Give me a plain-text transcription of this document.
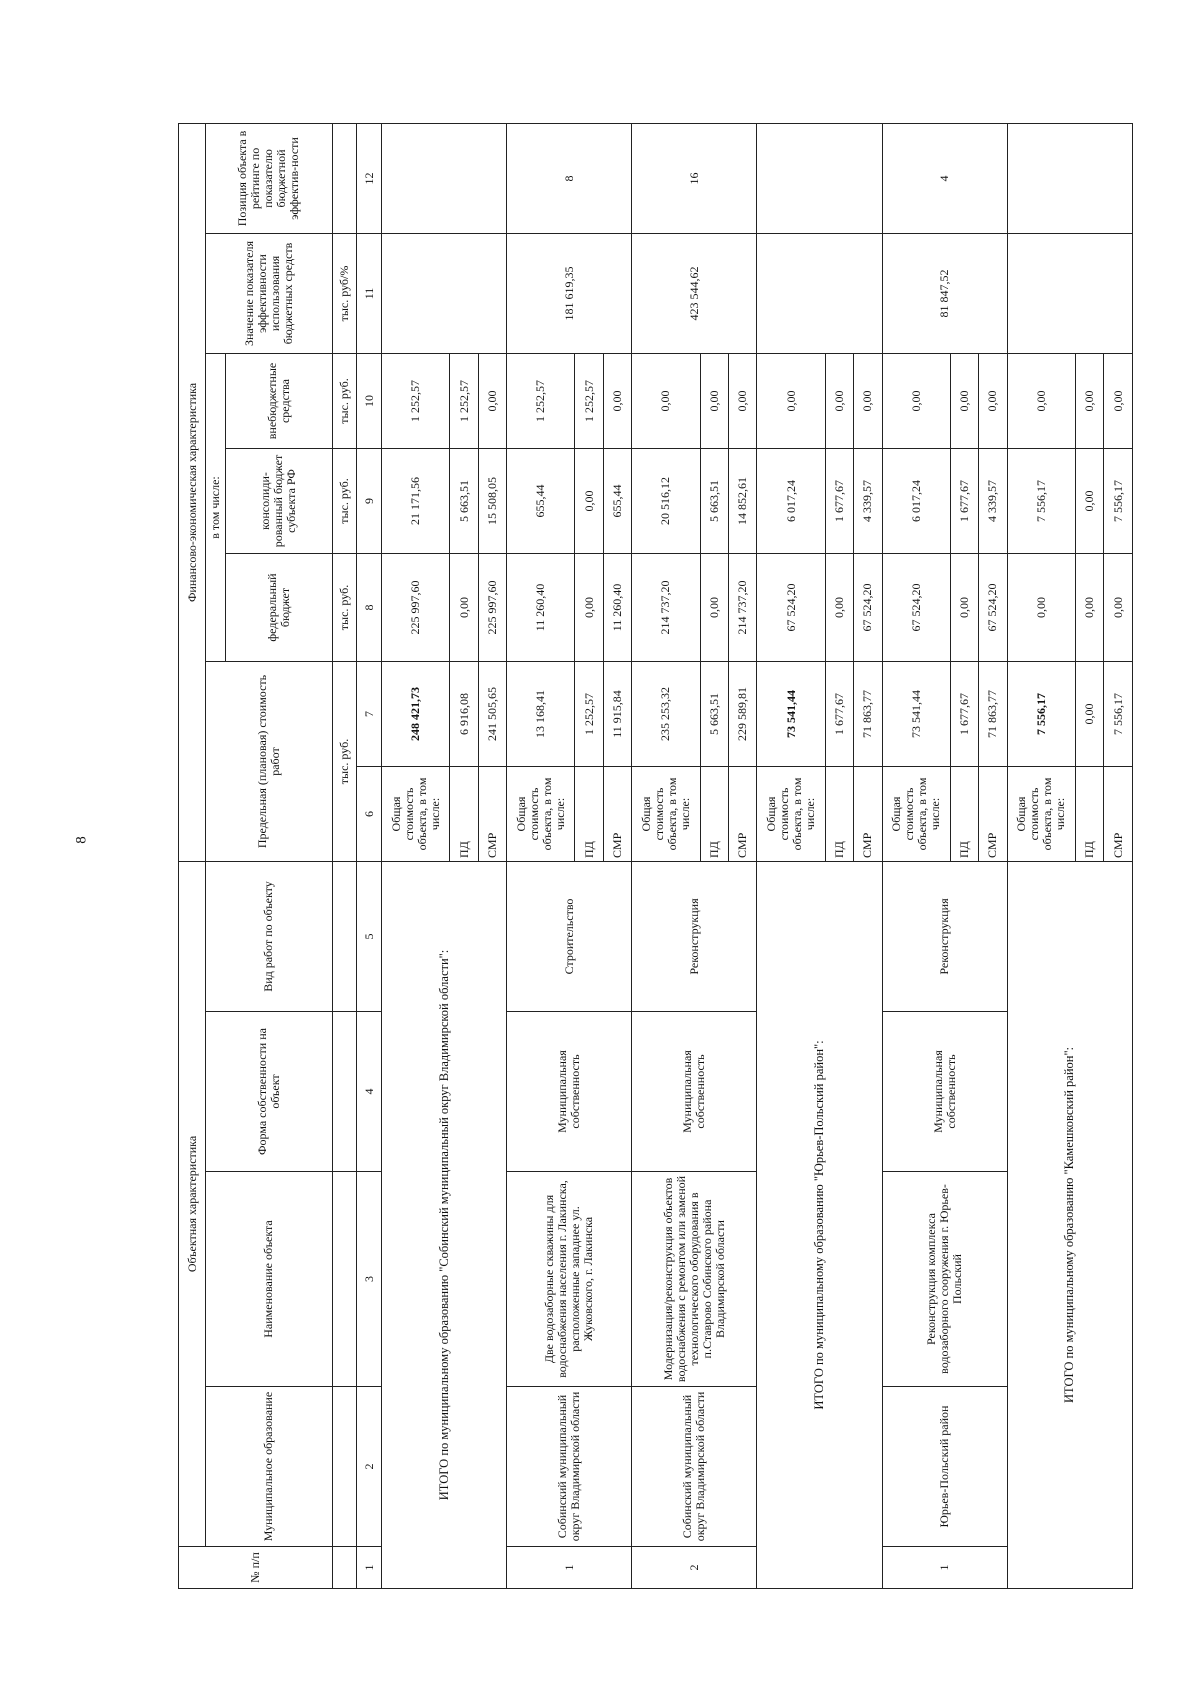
8
№ п/п	Объектная характеристика				Финансово-экономическая характеристика						
	Муниципальное образование	Наименование объекта	Форма собственности на объект	Вид работ по объекту	Предельная (плановая) стоимость работ		в том числе:			Значение показателя эффективности использования бюджетных средств	Позиция объекта в рейтинге по показателю бюджетной эффектив-ности
							федеральный бюджет	консолиди-рованный бюджет субъекта РФ	внебюджетные средства		
					тыс. руб.		тыс. руб.	тыс. руб.	тыс. руб.	тыс. руб/%	
1	2	3	4	5	6	7	8	9	10	11	12
ИТОГО по муниципальному образованию "Собинский муниципальный округ Владимирской области":					Общая стоимость объекта, в том числе:	248 421,73	225 997,60	21 171,56	1 252,57		
					ПД	6 916,08	0,00	5 663,51	1 252,57		
					СМР	241 505,65	225 997,60	15 508,05	0,00		
1	Собинский муниципальный округ Владимирской области	Две водозаборные скважины для водоснабжения населения г. Лакинска, расположенные западнее ул. Жуковского, г. Лакинска	Муниципальная собственность	Строительство	Общая стоимость объекта, в том числе:	13 168,41	11 260,40	655,44	1 252,57	181 619,35	8
					ПД	1 252,57	0,00	0,00	1 252,57		
					СМР	11 915,84	11 260,40	655,44	0,00		
2	Собинский муниципальный округ Владимирской области	Модернизация/реконструкция объектов водоснабжения с ремонтом или заменой технологического оборудования в п.Ставрово Собинского района Владимирской области	Муниципальная собственность	Реконструкция	Общая стоимость объекта, в том числе:	235 253,32	214 737,20	20 516,12	0,00	423 544,62	16
					ПД	5 663,51	0,00	5 663,51	0,00		
					СМР	229 589,81	214 737,20	14 852,61	0,00		
ИТОГО по муниципальному образованию "Юрьев-Польский район":					Общая стоимость объекта, в том числе:	73 541,44	67 524,20	6 017,24	0,00		
					ПД	1 677,67	0,00	1 677,67	0,00		
					СМР	71 863,77	67 524,20	4 339,57	0,00		
1	Юрьев-Польский район	Реконструкция комплекса водозаборного сооружения г. Юрьев-Польский	Муниципальная собственность	Реконструкция	Общая стоимость объекта, в том числе:	73 541,44	67 524,20	6 017,24	0,00	81 847,52	4
					ПД	1 677,67	0,00	1 677,67	0,00		
					СМР	71 863,77	67 524,20	4 339,57	0,00		
ИТОГО по муниципальному образованию "Камешковский район":					Общая стоимость объекта, в том числе:	7 556,17	0,00	7 556,17	0,00		
					ПД	0,00	0,00	0,00	0,00		
					СМР	7 556,17	0,00	7 556,17	0,00		
